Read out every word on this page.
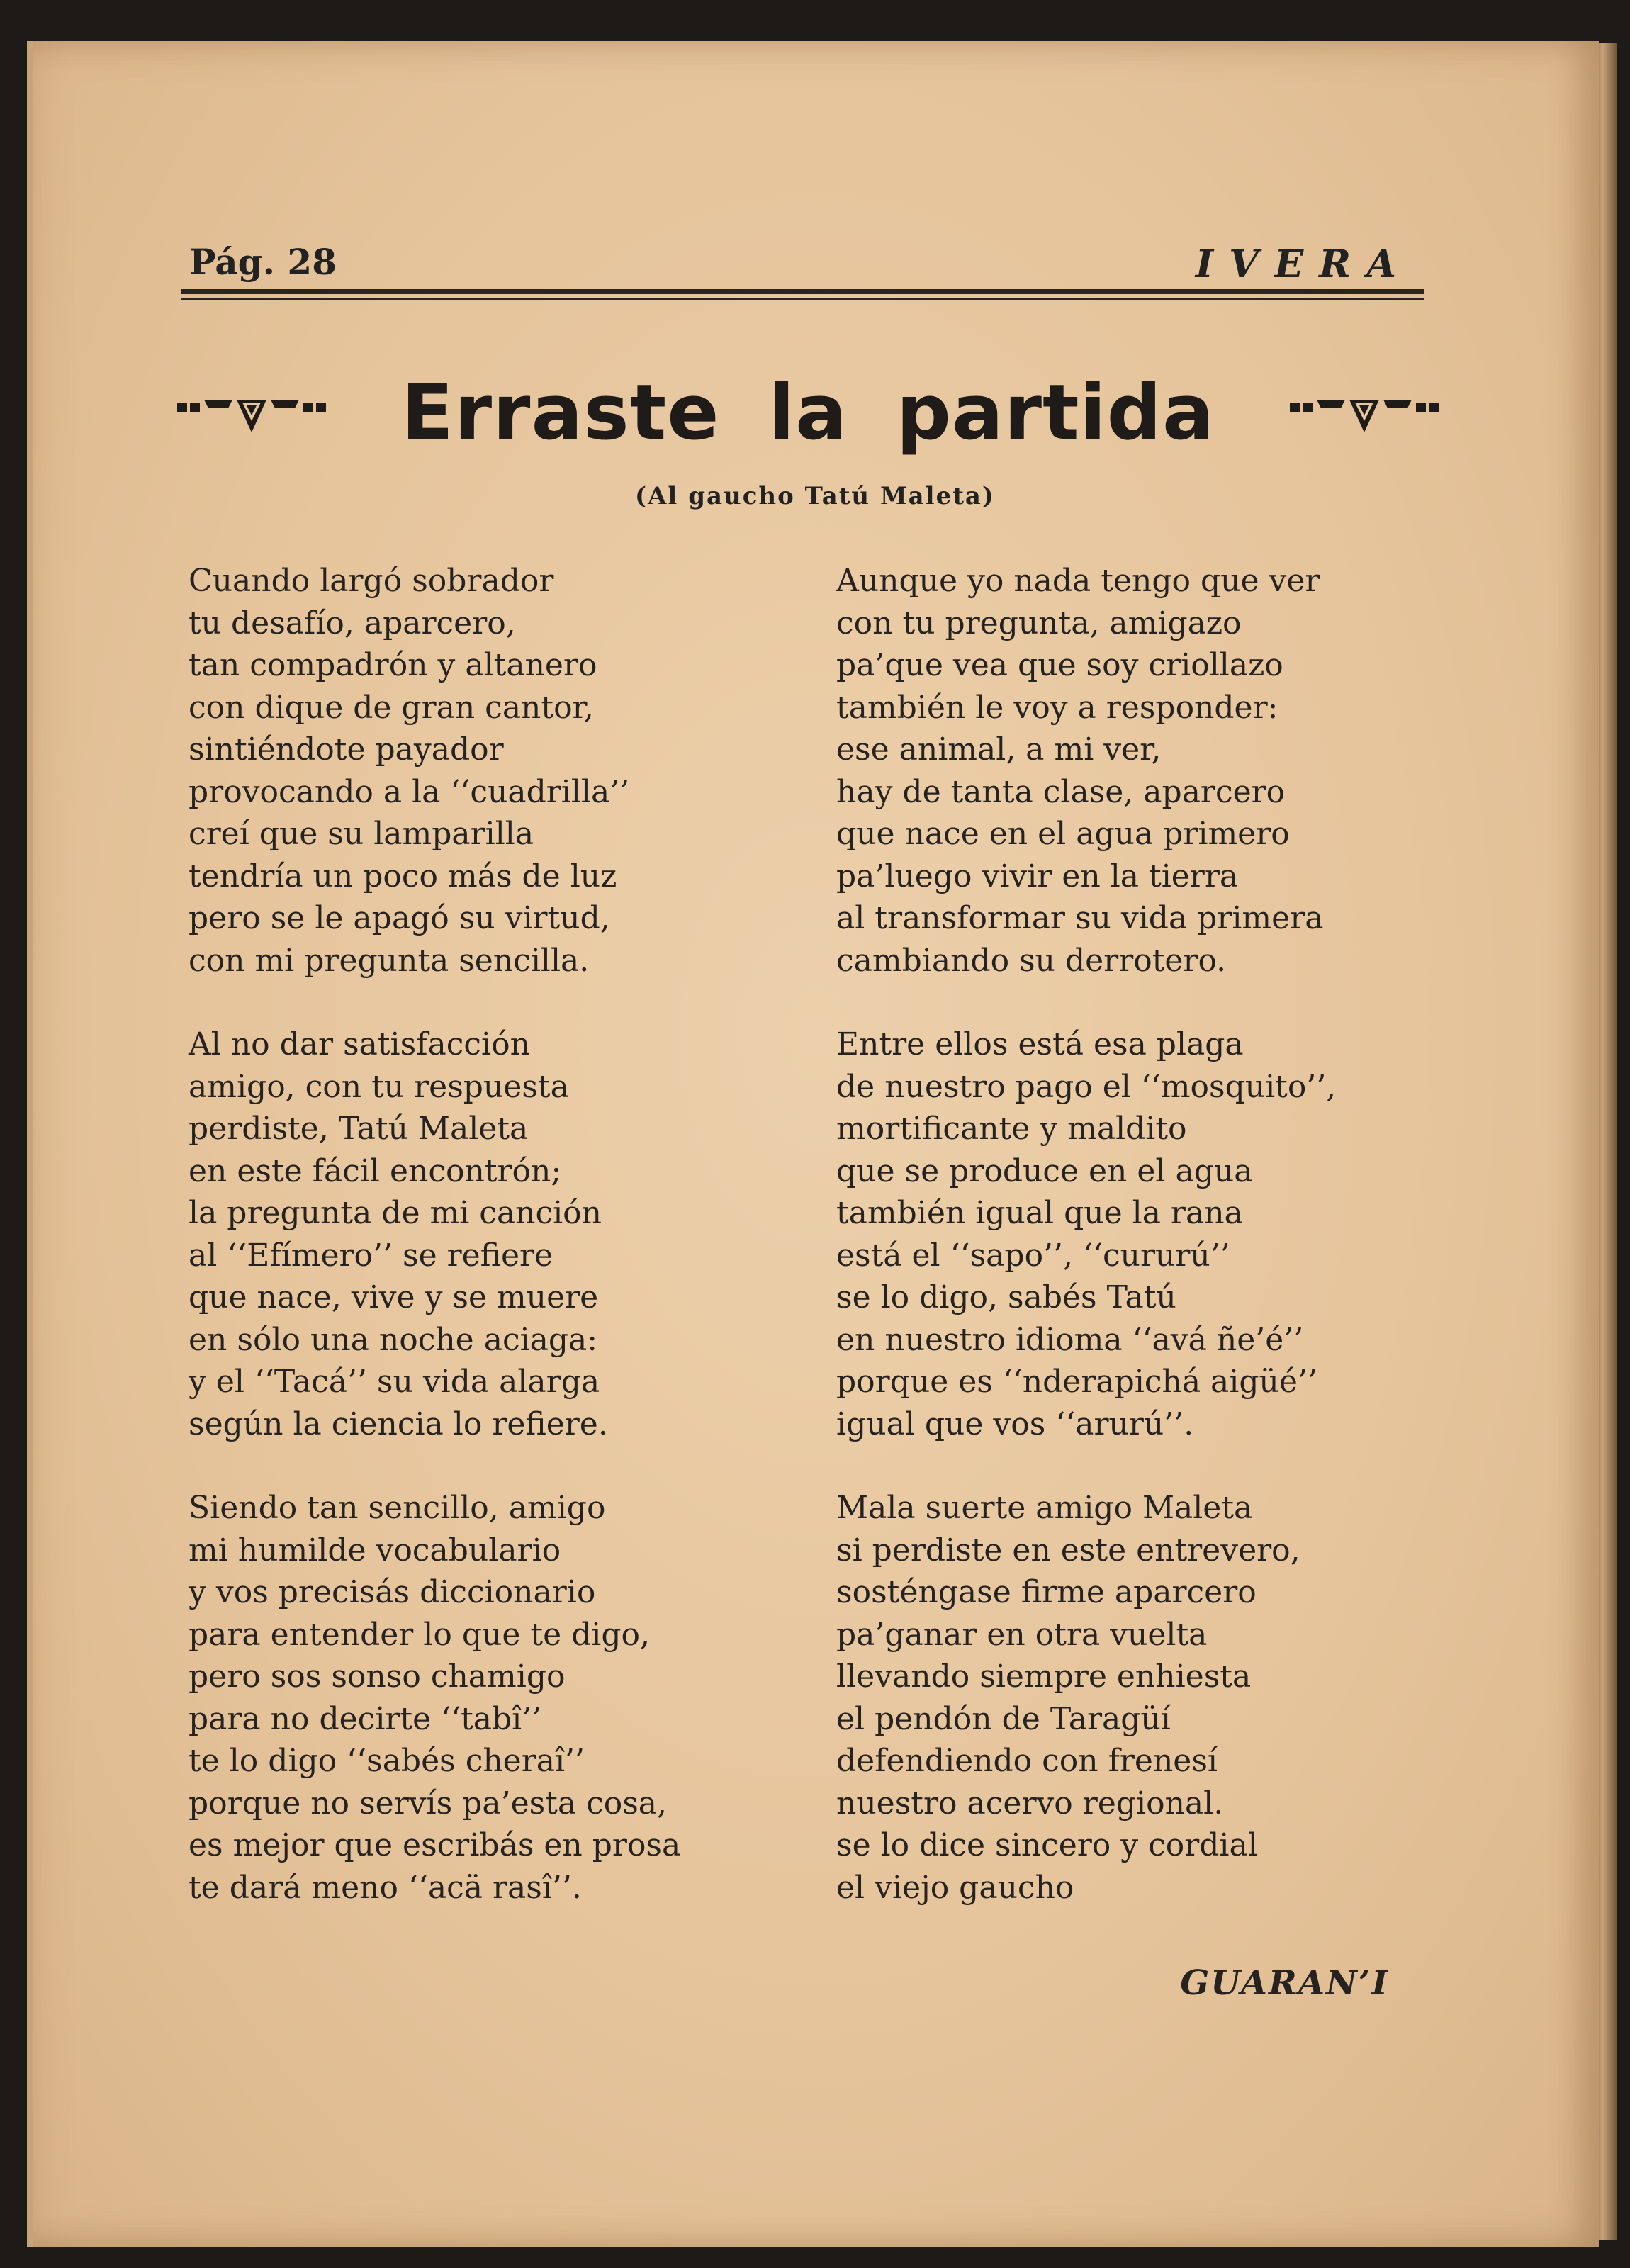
Pág. 28	IVERA
Erraste la partida
(Al gaucho Tatú Maleta)
Cuando largó sobrador
tu desafío, aparcero,
tan compadrón y altanero
con dique de gran cantor,
sintiéndote payador
provocando a la ‘‘cuadrilla’’
creí que su lamparilla
tendría un poco más de luz
pero se le apagó su virtud,
con mi pregunta sencilla.
Al no dar satisfacción
amigo, con tu respuesta
perdiste, Tatú Maleta
en este fácil encontrón;
la pregunta de mi canción
al ‘‘Efímero’’ se refiere
que nace, vive y se muere
en sólo una noche aciaga:
y el ‘‘Tacá’’ su vida alarga
según la ciencia lo refiere.
Siendo tan sencillo, amigo
mi humilde vocabulario
y vos precisás diccionario
para entender lo que te digo,
pero sos sonso chamigo
para no decirte ‘‘tabî’’
te lo digo ‘‘sabés cheraî’’
porque no servís pa’esta cosa,
es mejor que escribás en prosa
te dará meno ‘‘acä rasî’’.
Aunque yo nada tengo que ver
con tu pregunta, amigazo
pa’que vea que soy criollazo
también le voy a responder:
ese animal, a mi ver,
hay de tanta clase, aparcero
que nace en el agua primero
pa’luego vivir en la tierra
al transformar su vida primera
cambiando su derrotero.
Entre ellos está esa plaga
de nuestro pago el ‘‘mosquito’’,
mortificante y maldito
que se produce en el agua
también igual que la rana
está el ‘‘sapo’’, ‘‘cururú’’
se lo digo, sabés Tatú
en nuestro idioma ‘‘avá ñe’é’’
porque es ‘‘nderapichá aigüé’’
igual que vos ‘‘arurú’’.
Mala suerte amigo Maleta
si perdiste en este entrevero,
sosténgase firme aparcero
pa’ganar en otra vuelta
llevando siempre enhiesta
el pendón de Taragüí
defendiendo con frenesí
nuestro acervo regional.
se lo dice sincero y cordial
el viejo gaucho
GUARAN’I
